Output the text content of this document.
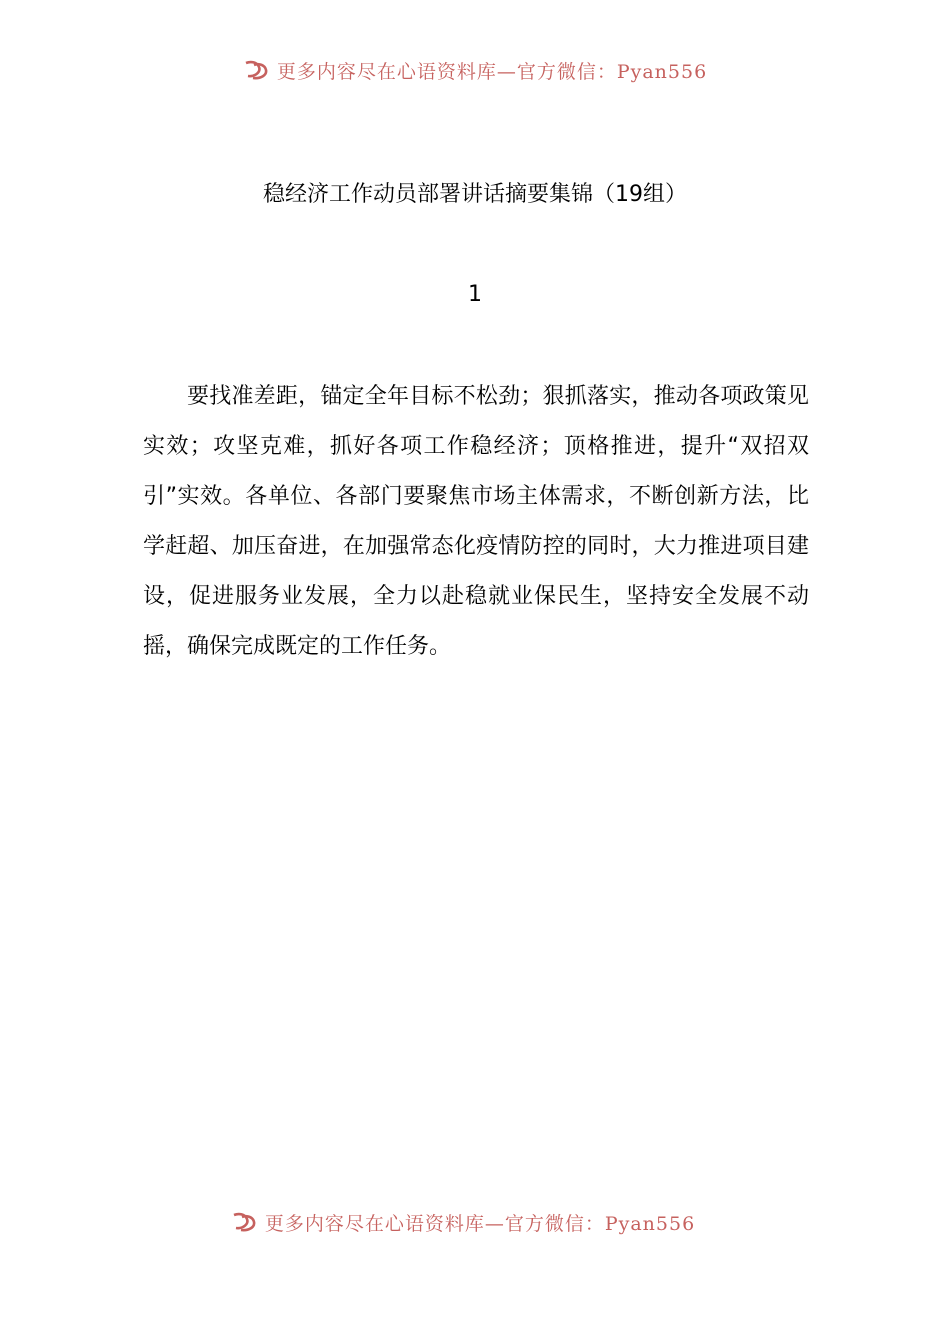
更多内容尽在心语资料库—官方微信：Pyan556
稳经济工作动员部署讲话摘要集锦（19组）
1

要找准差距，锚定全年目标不松劲；狠抓落实，推动各项政策见实效；攻坚克难，抓好各项工作稳经济；顶格推进，提升“双招双引”实效。各单位、各部门要聚焦市场主体需求，不断创新方法，比学赶超、加压奋进，在加强常态化疫情防控的同时，大力推进项目建设，促进服务业发展，全力以赴稳就业保民生，坚持安全发展不动摇，确保完成既定的工作任务。

更多内容尽在心语资料库—官方微信：Pyan556
